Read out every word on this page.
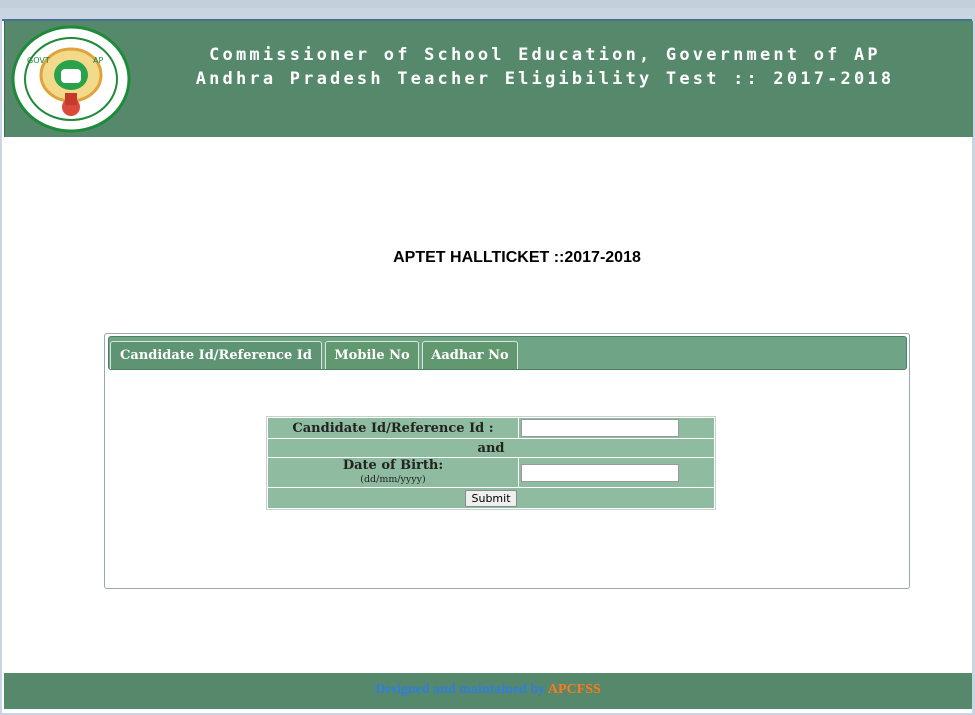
GOVT	AP	Commissioner of School Education, Government of AP
Andhra Pradesh Teacher Eligibility Test :: 2017-2018
APTET HALLTICKET ::2017-2018
Candidate Id/Reference Id	Mobile No	Aadhar No
Candidate Id/Reference Id :	

and	

Date of Birth:
(dd/mm/yyyy)

Submit	
Designed and maintained by APCFSS
